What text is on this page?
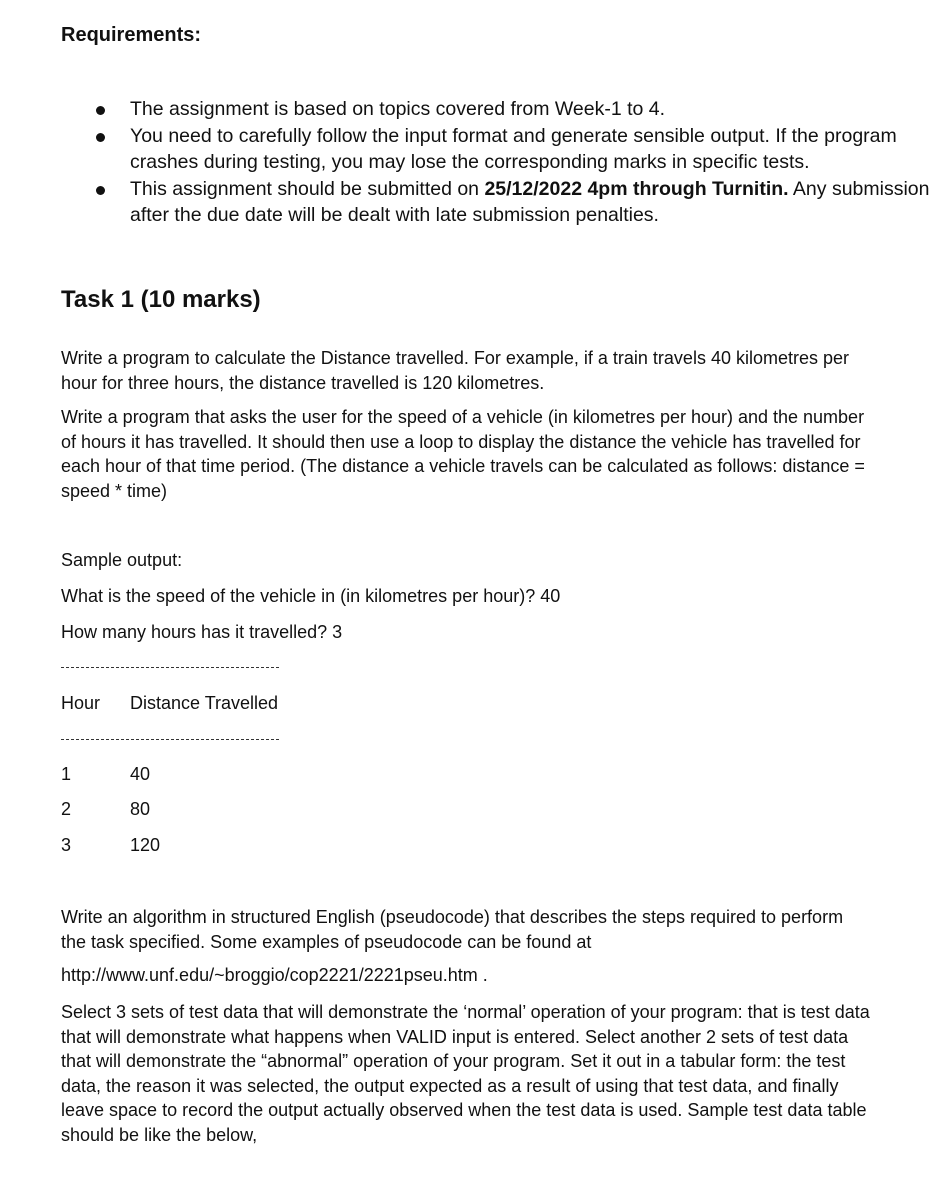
Requirements:
The assignment is based on topics covered from Week-1 to 4.
You need to carefully follow the input format and generate sensible output. If the program crashes during testing, you may lose the corresponding marks in specific tests.
This assignment should be submitted on 25/12/2022 4pm through Turnitin. Any submission after the due date will be dealt with late submission penalties.
Task 1 (10 marks)

Write a program to calculate the Distance travelled. For example, if a train travels 40 kilometres per hour for three hours, the distance travelled is 120 kilometres.

Write a program that asks the user for the speed of a vehicle (in kilometres per hour) and the number of hours it has travelled. It should then use a loop to display the distance the vehicle has travelled for each hour of that time period. (The distance a vehicle travels can be calculated as follows: distance = speed * time)

Sample output:
What is the speed of the vehicle in (in kilometres per hour)? 40
How many hours has it travelled? 3
Hour Distance Travelled
1	40
2	80
3	120

Write an algorithm in structured English (pseudocode) that describes the steps required to perform the task specified. Some examples of pseudocode can be found at

http://www.unf.edu/~broggio/cop2221/2221pseu.htm .

Select 3 sets of test data that will demonstrate the ‘normal’ operation of your program: that is test data that will demonstrate what happens when VALID input is entered. Select another 2 sets of test data that will demonstrate the “abnormal” operation of your program. Set it out in a tabular form: the test data, the reason it was selected, the output expected as a result of using that test data, and finally leave space to record the output actually observed when the test data is used. Sample test data table should be like the below,
